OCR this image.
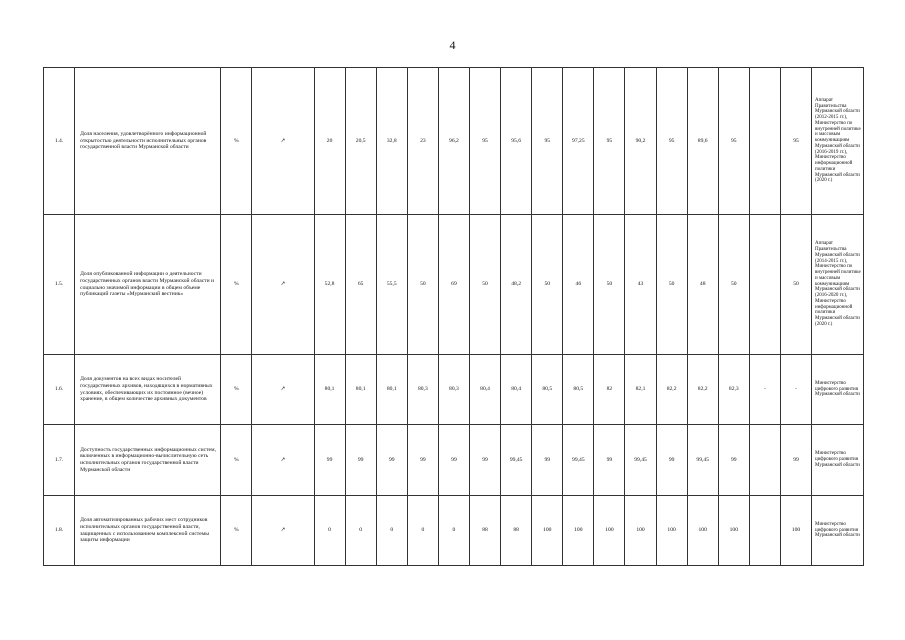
4
1.4.	Доля населения, удовлетворённого информационной открытостью деятельности исполнительных органов государственной власти Мурманской области	%	↗	20	20,5	32,8	23	96,2	95	95,6	95	97,25	95	90,2	95	89,6	95		95	Аппарат Правительства Мурманской области (2012-2015 гг.), Министерство по внутренней политике и массовым коммуникациям Мурманской области (2016-2019 гг.), Министерство информационной политики Мурманской области (2020 г.)
1.5.	Доля опубликованной информации о деятельности государственных органов власти Мурманской области и социально значимой информации в общем объеме публикаций газеты «Мурманский вестник»	%	↗	52,8	65	55,5	50	69	50	48,2	50	46	50	43	50	48	50		50	Аппарат Правительства Мурманской области (2014-2015 гг.), Министерство по внутренней политике и массовым коммуникациям Мурманской области (2016-2020 гг.), Министерство информационной политики Мурманской области (2020 г.)
1.6.	Доля документов на всех видах носителей государственных архивов, находящихся в нормативных условиях, обеспечивающих их постоянное (вечное) хранение, в общем количестве архивных документов	%	↗	80,1	80,1	80,1	80,3	80,3	80,4	80,4	80,5	80,5	82	82,1	82,2	82,2	82,3	-	-	Министерство цифрового развития Мурманской области
1.7.	Доступность государственных информационных систем, включенных в информационно-вычислительную сеть исполнительных органов государственной власти Мурманской области	%	↗	99	99	99	99	99	99	99,45	99	99,45	99	99,45	99	99,45	99		99	Министерство цифрового развития Мурманской области
1.8.	Доля автоматизированных рабочих мест сотрудников исполнительных органов государственной власти, защищенных с использованием комплексной системы защиты информации	%	↗	0	0	0	0	0	88	88	100	100	100	100	100	100	100		100	Министерство цифрового развития Мурманской области
